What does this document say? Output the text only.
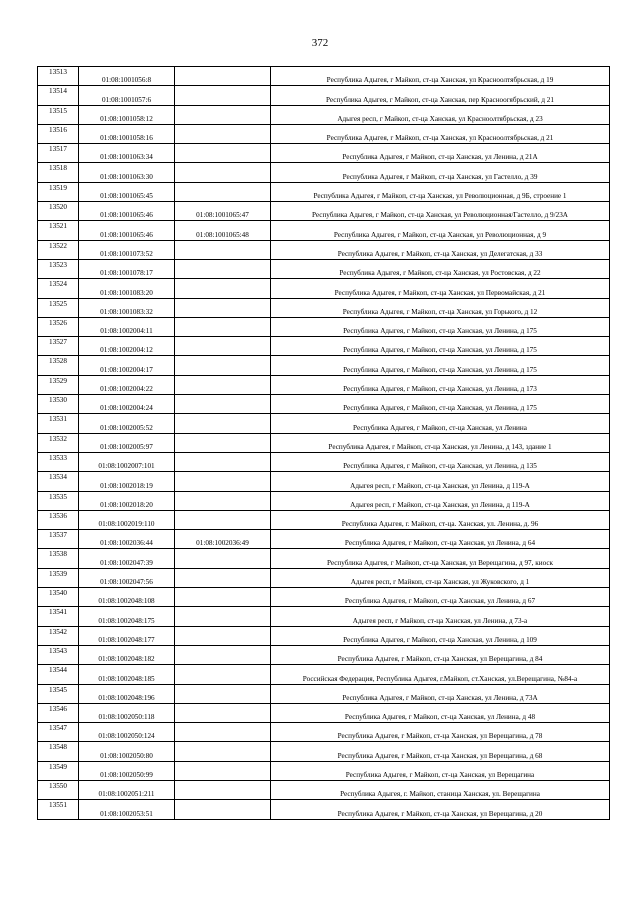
372
13513	01:08:1001056:8		Республика Адыгея, г Майкоп, ст-ца Ханская, ул Красноолтябрьская, д 19

13514	01:08:1001057:6		Республика Адыгея, г Майкоп, ст-ца Ханская, пер Красноогябрьский, д 21

13515	01:08:1001058:12		Адыгея респ, г Майкоп, ст-ца Ханская, ул Красноолтябрьская, д 23

13516	01:08:1001058:16		Республика Адыгея, г Майкоп, ст-ца Ханская, ул Красноолтябрьская, д 21

13517	01:08:1001063:34		Республика Адыгея, г Майкоп, ст-ца Ханская, ул Ленина, д 21А

13518	01:08:1001063:30		Республика Адыгея, г Майкоп, ст-ца Ханская, ул Гастелло, д 39

13519	01:08:1001065:45		Республика Адыгея, г Майкоп, ст-ца Ханская, ул Революционная, д 9Б, строение 1

13520	01:08:1001065:46	01:08:1001065:47	Республика Адыгея, г Майкоп, ст-ца Ханская, ул Революционная/Гастелло, д 9/23А

13521	01:08:1001065:46	01:08:1001065:48	Республика Адыгея, г Майкоп, ст-ца Ханская, ул Революционная, д 9

13522	01:08:1001073:52		Республика Адыгея, г Майкоп, ст-ца Ханская, ул Делегатская, д 33

13523	01:08:1001078:17		Республика Адыгея, г Майкоп, ст-ца Ханская, ул Ростовская, д 22

13524	01:08:1001083:20		Республика Адыгея, г Майкоп, ст-ца Ханская, ул Первомайская, д 21

13525	01:08:1001083:32		Республика Адыгея, г Майкоп, ст-ца Ханская, ул Горького, д 12

13526	01:08:1002004:11		Республика Адыгея, г Майкоп, ст-ца Ханская, ул Ленина, д 175

13527	01:08:1002004:12		Республика Адыгея, г Майкоп, ст-ца Ханская, ул Ленина, д 175

13528	01:08:1002004:17		Республика Адыгея, г Майкоп, ст-ца Ханская, ул Ленина, д 175

13529	01:08:1002004:22		Республика Адыгея, г Майкоп, ст-ца Ханская, ул Ленина, д 173

13530	01:08:1002004:24		Республика Адыгея, г Майкоп, ст-ца Ханская, ул Ленина, д 175

13531	01:08:1002005:52		Республика Адыгея, г Майкоп, ст-ца Ханская, ул Ленина

13532	01:08:1002005:97		Республика Адыгея, г Майкоп, ст-ца Ханская, ул Ленина, д 143, здание 1

13533	01:08:1002007:101		Республика Адыгея, г Майкоп, ст-ца Ханская, ул Ленина, д 135

13534	01:08:1002018:19		Адыгея респ, г Майкоп, ст-ца Ханская, ул Ленина, д 119-А

13535	01:08:1002018:20		Адыгея респ, г Майкоп, ст-ца Ханская, ул Ленина, д 119-А

13536	01:08:1002019:110		Республика Адыгея, г. Майкоп, ст-ца. Ханская, ул. Ленина, д. 96

13537	01:08:1002036:44	01:08:1002036:49	Республика Адыгея, г Майкоп, ст-ца Ханская, ул Ленина, д 64

13538	01:08:1002047:39		Республика Адыгея, г Майкоп, ст-ца Ханская, ул Верещагина, д 97, киоск

13539	01:08:1002047:56		Адыгея респ, г Майкоп, ст-ца Ханская, ул Жуковского, д 1

13540	01:08:1002048:108		Республика Адыгея, г Майкоп, ст-ца Ханская, ул Ленина, д 67

13541	01:08:1002048:175		Адыгея респ, г Майкоп, ст-ца Ханская, ул Ленина, д 73-а

13542	01:08:1002048:177		Республика Адыгея, г Майкоп, ст-ца Ханская, ул Ленина, д 109

13543	01:08:1002048:182		Республика Адыгея, г Майкоп, ст-ца Ханская, ул Верещагина, д 84

13544	01:08:1002048:185		Российская Федерация, Республика Адыгея, г.Майкоп, ст.Ханская, ул.Верещагина, №84-а

13545	01:08:1002048:196		Республика Адыгея, г Майкоп, ст-ца Ханская, ул Ленина, д 73А

13546	01:08:1002050:118		Республика Адыгея, г Майкоп, ст-ца Ханская, ул Ленина, д 48

13547	01:08:1002050:124		Республика Адыгея, г Майкоп, ст-ца Ханская, ул Верещагина, д 78

13548	01:08:1002050:80		Республика Адыгея, г Майкоп, ст-ца Ханская, ул Верещагина, д 68

13549	01:08:1002050:99		Республика Адыгея, г Майкоп, ст-ца Ханская, ул Верещагина

13550	01:08:1002051:211		Республика Адыгея, г. Майкоп, станица Ханская, ул. Верещагина

13551	01:08:1002053:51		Республика Адыгея, г Майкоп, ст-ца Ханская, ул Верещагина, д 20
